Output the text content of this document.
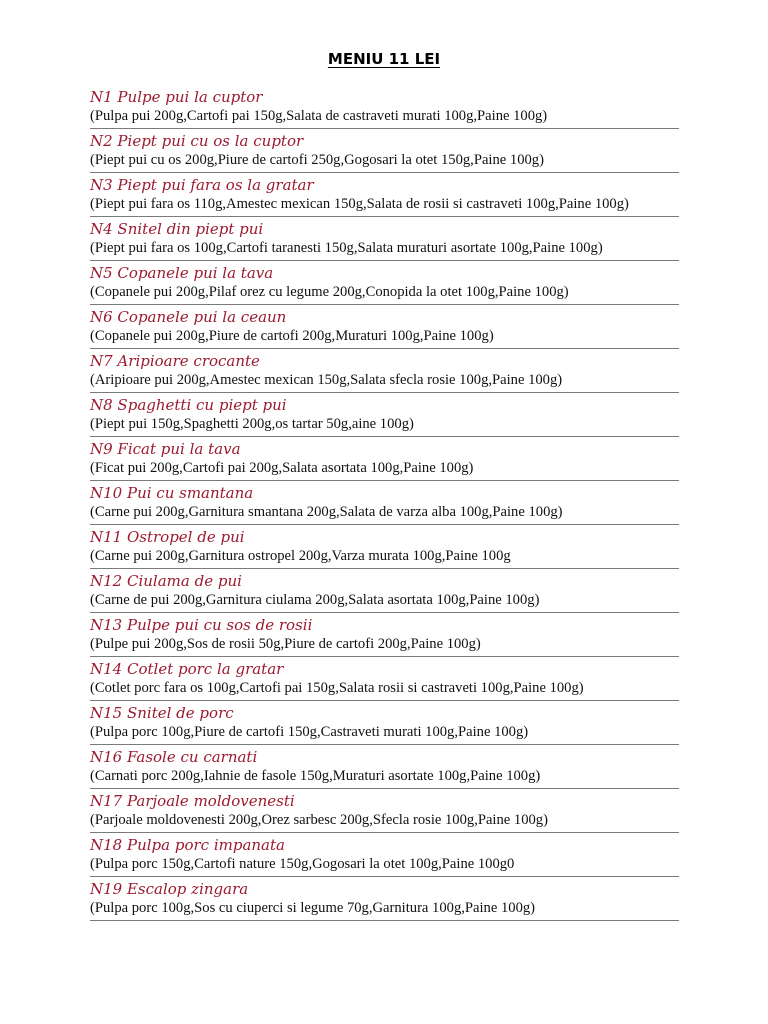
MENIU 11 LEI
N1 Pulpe pui la cuptor
(Pulpa pui 200g,Cartofi pai 150g,Salata de castraveti murati 100g,Paine 100g)
N2 Piept pui cu os la cuptor
(Piept pui cu os 200g,Piure de cartofi 250g,Gogosari la otet 150g,Paine 100g)
N3 Piept pui fara os la gratar
(Piept pui fara os 110g,Amestec mexican 150g,Salata de rosii si castraveti 100g,Paine 100g)
N4 Snitel din piept pui
(Piept pui fara os 100g,Cartofi taranesti 150g,Salata muraturi asortate 100g,Paine 100g)
N5 Copanele pui la tava
(Copanele pui 200g,Pilaf orez cu legume 200g,Conopida la otet 100g,Paine 100g)
N6 Copanele pui la ceaun
(Copanele pui 200g,Piure de cartofi 200g,Muraturi 100g,Paine 100g)
N7 Aripioare crocante
(Aripioare pui 200g,Amestec mexican 150g,Salata sfecla rosie 100g,Paine 100g)
N8 Spaghetti cu piept pui
(Piept pui 150g,Spaghetti 200g,os tartar 50g,aine 100g)
N9 Ficat pui la tava
(Ficat pui 200g,Cartofi pai 200g,Salata asortata 100g,Paine 100g)
N10 Pui cu smantana
(Carne pui 200g,Garnitura smantana 200g,Salata de varza alba 100g,Paine 100g)
N11 Ostropel de pui
(Carne pui 200g,Garnitura ostropel 200g,Varza murata 100g,Paine 100g
N12 Ciulama de pui
(Carne de pui 200g,Garnitura ciulama 200g,Salata asortata 100g,Paine 100g)
N13 Pulpe pui cu sos de rosii
(Pulpe pui 200g,Sos de rosii 50g,Piure de cartofi 200g,Paine 100g)
N14 Cotlet porc la gratar
(Cotlet porc fara os 100g,Cartofi pai 150g,Salata rosii si castraveti 100g,Paine 100g)
N15 Snitel de porc
(Pulpa porc 100g,Piure de cartofi 150g,Castraveti murati 100g,Paine 100g)
N16 Fasole cu carnati
(Carnati porc 200g,Iahnie de fasole 150g,Muraturi asortate 100g,Paine 100g)
N17 Parjoale moldovenesti
(Parjoale moldovenesti 200g,Orez sarbesc 200g,Sfecla rosie 100g,Paine 100g)
N18 Pulpa porc impanata
(Pulpa porc 150g,Cartofi nature 150g,Gogosari la otet 100g,Paine 100g0
N19 Escalop zingara
(Pulpa porc 100g,Sos cu ciuperci si legume 70g,Garnitura 100g,Paine 100g)
